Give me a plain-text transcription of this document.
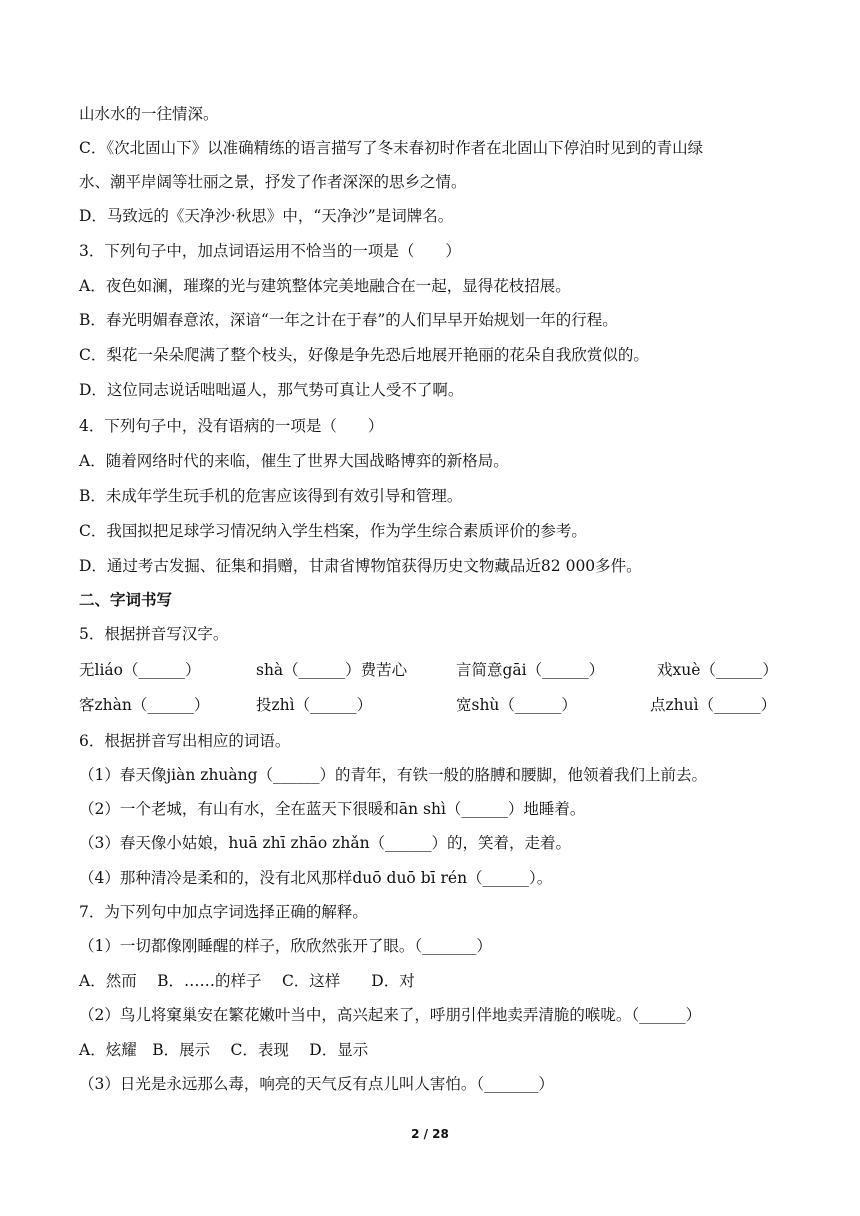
山水水的一往情深。

C．《次北固山下》以准确精练的语言描写了冬末春初时作者在北固山下停泊时见到的青山绿

水、潮平岸阔等壮丽之景，抒发了作者深深的思乡之情。

D．马致远的《天净沙·秋思》中，“天净沙”是词牌名。

3．下列句子中，加点词语运用不恰当的一项是（　　）

A．夜色如澜，璀璨的光与建筑整体完美地融合在一起，显得花枝招展。

B．春光明媚春意浓，深谙“一年之计在于春”的人们早早开始规划一年的行程。

C．梨花一朵朵爬满了整个枝头，好像是争先恐后地展开艳丽的花朵自我欣赏似的。

D．这位同志说话咄咄逼人，那气势可真让人受不了啊。

4．下列句子中，没有语病的一项是（　　）

A．随着网络时代的来临，催生了世界大国战略博弈的新格局。

B．未成年学生玩手机的危害应该得到有效引导和管理。

C．我国拟把足球学习情况纳入学生档案，作为学生综合素质评价的参考。

D．通过考古发掘、征集和捐赠，甘肃省博物馆获得历史文物藏品近82 000多件。

二、字词书写

5．根据拼音写汉字。

无liáo（______）	shà（______）费苦心	言简意gāi（______）	戏xuè（______）
客zhàn（______）	投zhì（______）	宽shù（______）	点zhuì（______）

6．根据拼音写出相应的词语。

（1）春天像jiàn zhuàng（______）的青年，有铁一般的胳膊和腰脚，他领着我们上前去。

（2）一个老城，有山有水，全在蓝天下很暖和ān shì（______）地睡着。

（3）春天像小姑娘，huā zhī zhāo zhǎn（______）的，笑着，走着。

（4）那种清冷是柔和的，没有北风那样duō duō bī rén（______）。

7．为下列句中加点字词选择正确的解释。

（1）一切都像刚睡醒的样子，欣欣然张开了眼。（_______）

A．然而　 B．……的样子　 C．这样　　D．对

（2）鸟儿将窠巢安在繁花嫩叶当中，高兴起来了，呼朋引伴地卖弄清脆的喉咙。（______）

A．炫耀　B．展示　 C．表现　 D．显示

（3）日光是永远那么毒，响亮的天气反有点儿叫人害怕。（_______）

2 / 28
